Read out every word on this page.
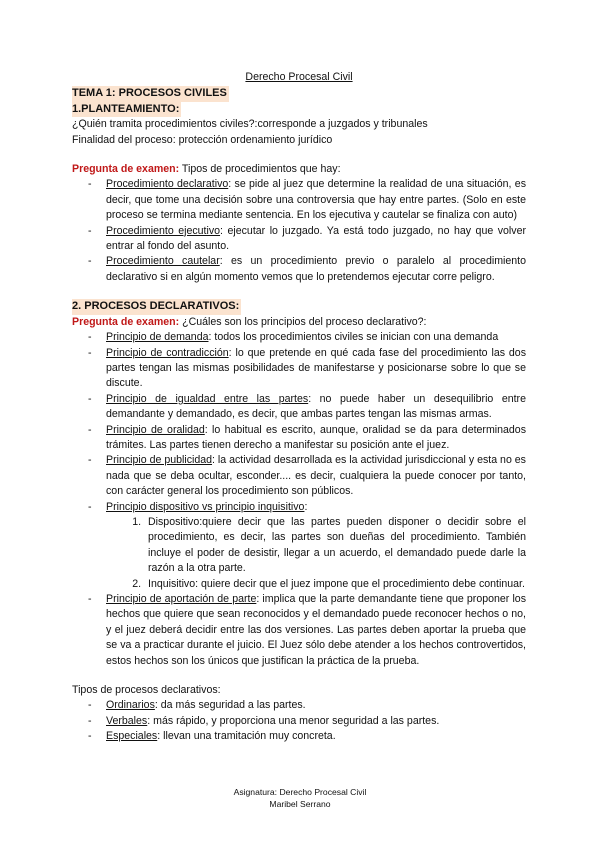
Derecho Procesal Civil
TEMA 1: PROCESOS CIVILES
1.PLANTEAMIENTO:

¿Quién tramita procedimientos civiles?:corresponde a juzgados y tribunales

Finalidad del proceso: protección ordenamiento jurídico

Pregunta de examen: Tipos de procedimientos que hay:
- Procedimiento declarativo: se pide al juez que determine la realidad de una situación, es decir, que tome una decisión sobre una controversia que hay entre partes. (Solo en este proceso se termina mediante sentencia. En los ejecutiva y cautelar se finaliza con auto)
- Procedimiento ejecutivo: ejecutar lo juzgado. Ya está todo juzgado, no hay que volver entrar al fondo del asunto.
- Procedimiento cautelar: es un procedimiento previo o paralelo al procedimiento declarativo si en algún momento vemos que lo pretendemos ejecutar corre peligro.
2. PROCESOS DECLARATIVOS:
Pregunta de examen: ¿Cuáles son los principios del proceso declarativo?:
- Principio de demanda: todos los procedimientos civiles se inician con una demanda
- Principio de contradicción: lo que pretende en qué cada fase del procedimiento las dos partes tengan las mismas posibilidades de manifestarse y posicionarse sobre lo que se discute.
- Principio de igualdad entre las partes: no puede haber un desequilibrio entre demandante y demandado, es decir, que ambas partes tengan las mismas armas.
- Principio de oralidad: lo habitual es escrito, aunque, oralidad se da para determinados trámites. Las partes tienen derecho a manifestar su posición ante el juez.
- Principio de publicidad: la actividad desarrollada es la actividad jurisdiccional y esta no es nada que se deba ocultar, esconder.... es decir, cualquiera la puede conocer por tanto, con carácter general los procedimiento son públicos.
- Principio dispositivo vs principio inquisitivo:
1. Dispositivo:quiere decir que las partes pueden disponer o decidir sobre el procedimiento, es decir, las partes son dueñas del procedimiento. También incluye el poder de desistir, llegar a un acuerdo, el demandado puede darle la razón a la otra parte.
2. Inquisitivo: quiere decir que el juez impone que el procedimiento debe continuar.
- Principio de aportación de parte: implica que la parte demandante tiene que proponer los hechos que quiere que sean reconocidos y el demandado puede reconocer hechos o no, y el juez deberá decidir entre las dos versiones. Las partes deben aportar la prueba que se va a practicar durante el juicio. El Juez sólo debe atender a los hechos controvertidos, estos hechos son los únicos que justifican la práctica de la prueba.
Tipos de procesos declarativos:
- Ordinarios: da más seguridad a las partes.
- Verbales: más rápido, y proporciona una menor seguridad a las partes.
- Especiales: llevan una tramitación muy concreta.
Asignatura: Derecho Procesal Civil
Maribel Serrano
